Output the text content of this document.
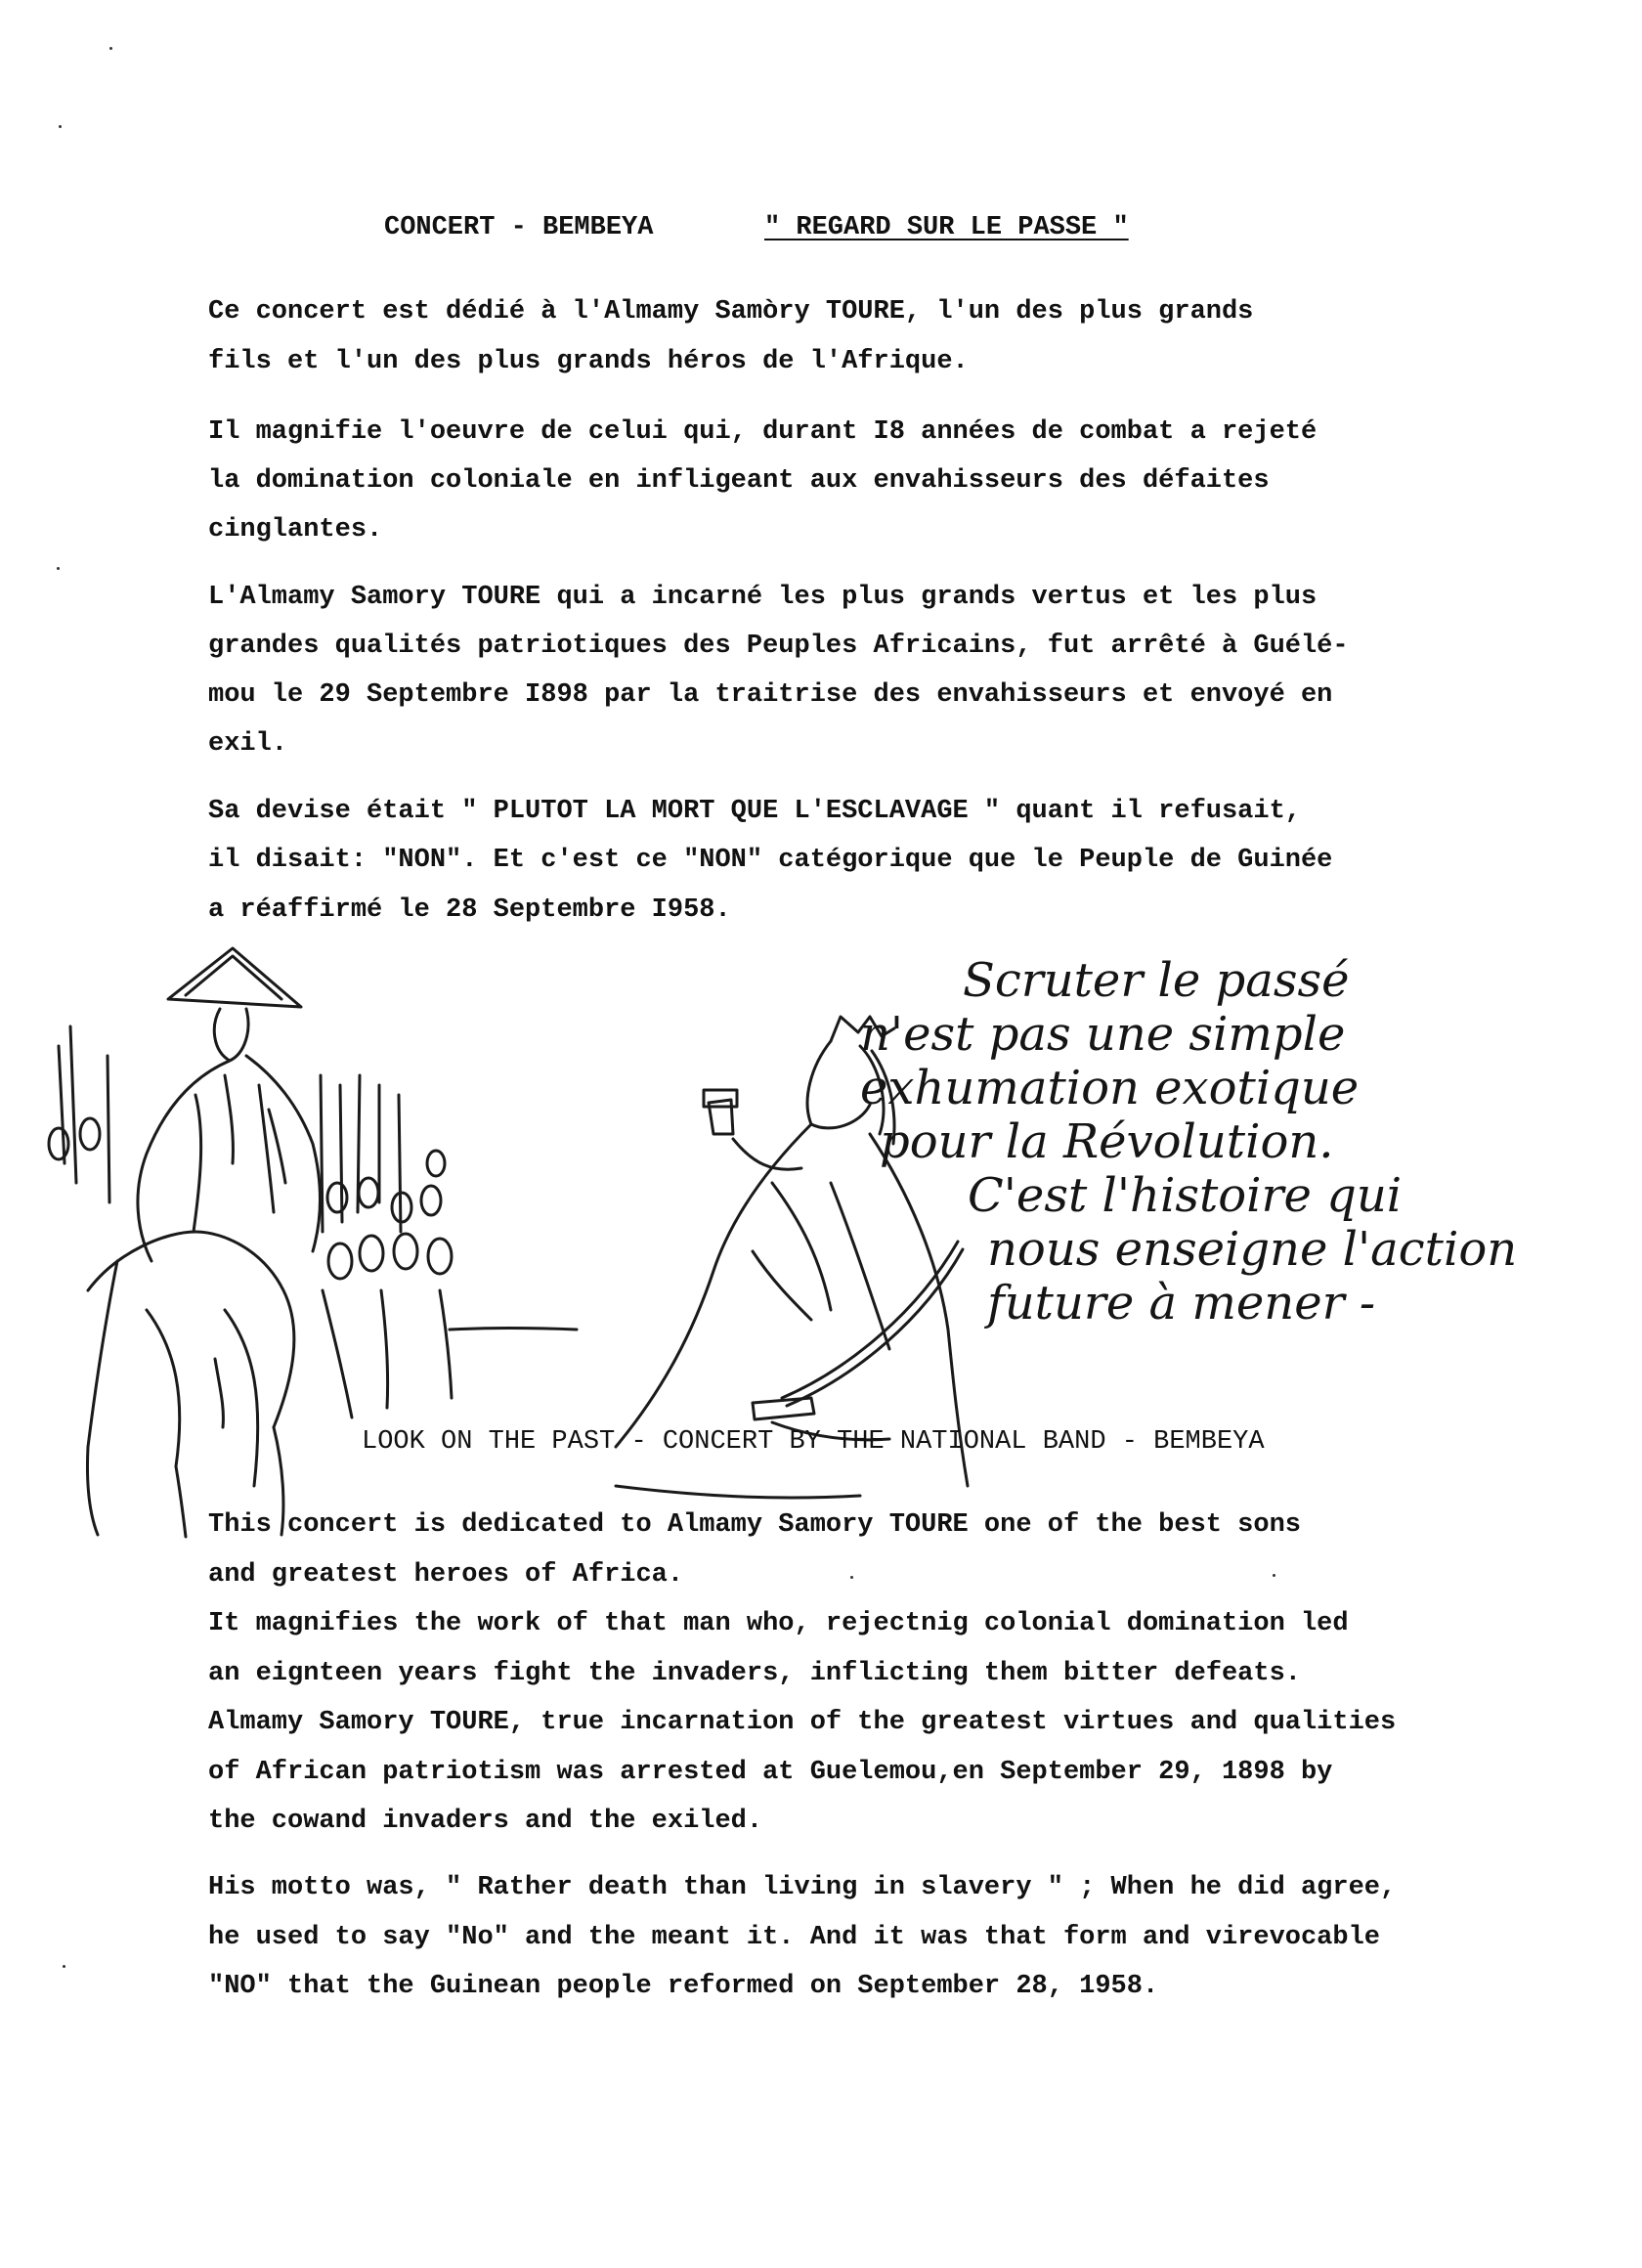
CONCERT - BEMBEYA	" REGARD SUR LE PASSE "
Ce concert est dédié à l'Almamy Samòry TOURE, l'un des plus grands
fils et l'un des plus grands héros de l'Afrique.
Il magnifie l'oeuvre de celui qui, durant I8 années de combat a rejeté
la domination coloniale en infligeant aux envahisseurs des défaites
cinglantes.
L'Almamy Samory TOURE qui a incarné les plus grands vertus et les plus
grandes qualités patriotiques des Peuples Africains, fut arrêté à Guélé-
mou le 29 Septembre I898 par la traitrise des envahisseurs et envoyé en
exil.
Sa devise était " PLUTOT LA MORT QUE L'ESCLAVAGE " quant il refusait,
il disait: "NON". Et c'est ce "NON" catégorique que le Peuple de Guinée
a réaffirmé le 28 Septembre I958.
Scruter le passé
n'est pas une simple
exhumation exotique
pour la Révolution.
C'est l'histoire qui
nous enseigne l'action
future à mener -
LOOK ON THE PAST - CONCERT BY THE NATIONAL BAND - BEMBEYA
This concert is dedicated to Almamy Samory TOURE one of the best sons
and greatest heroes of Africa.
It magnifies the work of that man who, rejectnig colonial domination led
an eignteen years fight the invaders, inflicting them bitter defeats.
Almamy Samory TOURE, true incarnation of the greatest virtues and qualities
of African patriotism was arrested at Guelemou,en September 29, 1898 by
the cowand invaders and the exiled.
His motto was, " Rather death than living in slavery " ; When he did agree,
he used to say "No" and the meant it. And it was that form and virevocable
"NO" that the Guinean people reformed on September 28, 1958.
